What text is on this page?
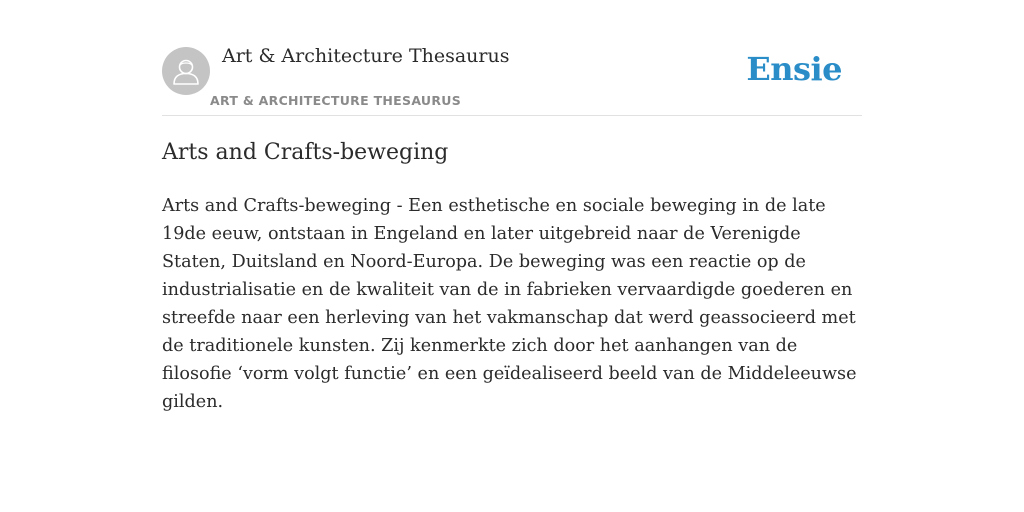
Art & Architecture Thesaurus
ART & ARCHITECTURE THESAURUS
Ensie
Arts and Crafts-beweging

Arts and Crafts-beweging - Een esthetische en sociale beweging in de late 19de eeuw, ontstaan in Engeland en later uitgebreid naar de Verenigde Staten, Duitsland en Noord-Europa. De beweging was een reactie op de industrialisatie en de kwaliteit van de in fabrieken vervaardigde goederen en streefde naar een herleving van het vakmanschap dat werd geassocieerd met de traditionele kunsten. Zij kenmerkte zich door het aanhangen van de filosofie ‘vorm volgt functie’ en een geïdealiseerd beeld van de Middeleeuwse gilden.
